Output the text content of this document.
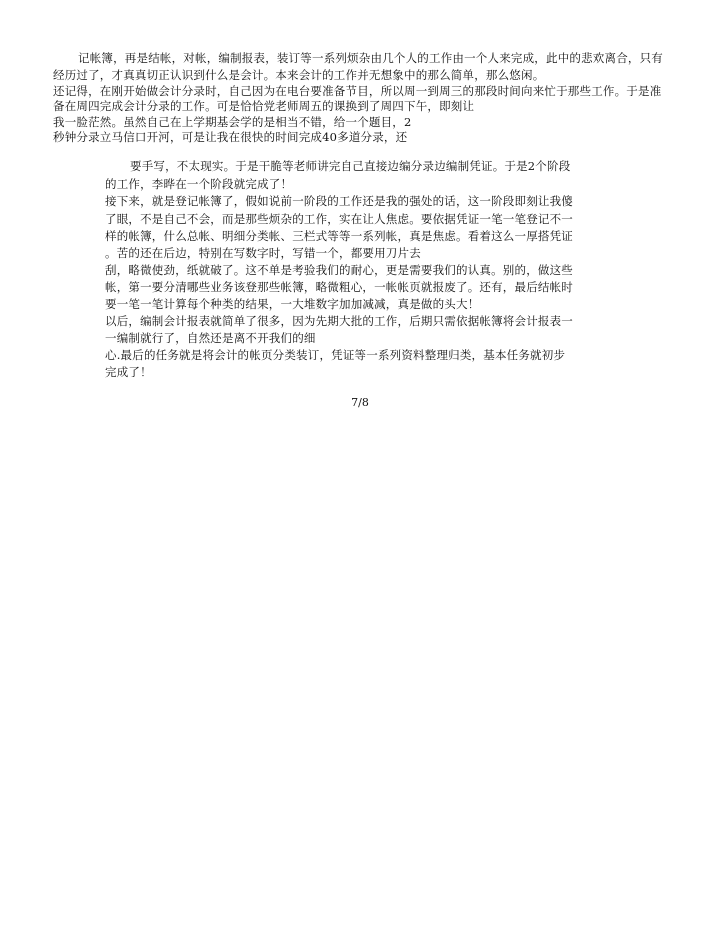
记帐簿，再是结帐，对帐，编制报表，装订等一系列烦杂由几个人的工作由一个人来完成，此中的悲欢离合，只有
经历过了，才真真切正认识到什么是会计。本来会计的工作并无想象中的那么简单，那么悠闲。
还记得，在刚开始做会计分录时，自己因为在电台要准备节目，所以周一到周三的那段时间向来忙于那些工作。于是准
备在周四完成会计分录的工作。可是恰恰党老师周五的课换到了周四下午，即刻让
我一脸茫然。虽然自己在上学期基会学的是相当不错，给一个题目，2
秒钟分录立马信口开河，可是让我在很快的时间完成40多道分录，还
要手写，不太现实。于是干脆等老师讲完自己直接边编分录边编制凭证。于是2个阶段
的工作，李晔在一个阶段就完成了！
接下来，就是登记帐簿了，假如说前一阶段的工作还是我的强处的话，这一阶段即刻让我傻
了眼，不是自己不会，而是那些烦杂的工作，实在让人焦虑。要依据凭证一笔一笔登记不一
样的帐簿，什么总帐、明细分类帐、三栏式等等一系列帐，真是焦虑。看着这么一厚搭凭证
。苦的还在后边，特别在写数字时，写错一个，都要用刀片去
刮，略微使劲，纸就破了。这不单是考验我们的耐心，更是需要我们的认真。别的，做这些
帐，第一要分清哪些业务该登那些帐簿，略微粗心，一帐帐页就报废了。还有，最后结帐时
要一笔一笔计算每个种类的结果，一大堆数字加加减减，真是做的头大！
以后，编制会计报表就简单了很多，因为先期大批的工作，后期只需依据帐簿将会计报表一
一编制就行了，自然还是离不开我们的细
心.最后的任务就是将会计的帐页分类装订，凭证等一系列资料整理归类，基本任务就初步
完成了！
7/8
